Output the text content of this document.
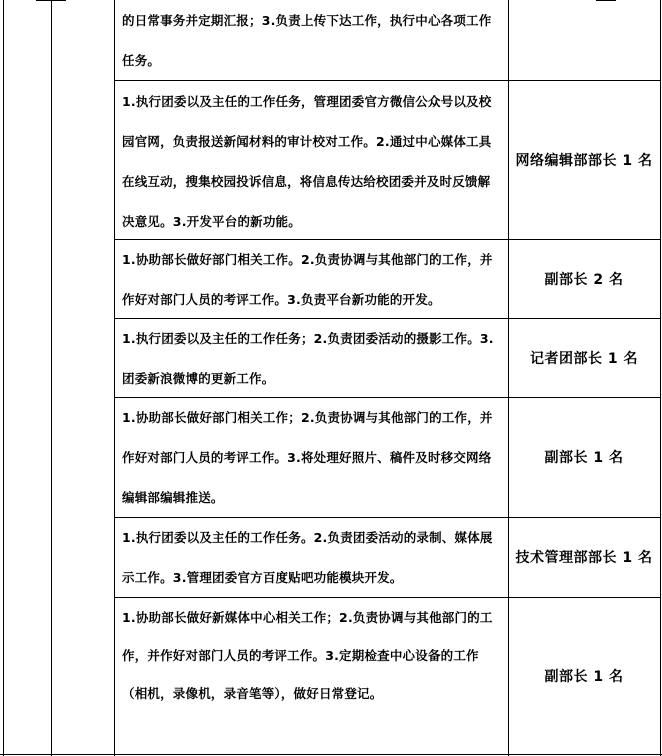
的日常事务并定期汇报；3.负责上传下达工作，执行中心各项工作任务。
1.执行团委以及主任的工作任务，管理团委官方微信公众号以及校园官网，负责报送新闻材料的审计校对工作。2.通过中心媒体工具在线互动，搜集校园投诉信息，将信息传达给校团委并及时反馈解决意见。3.开发平台的新功能。
网络编辑部部长 1 名
1.协助部长做好部门相关工作。2.负责协调与其他部门的工作，并作好对部门人员的考评工作。3.负责平台新功能的开发。
副部长 2 名
1.执行团委以及主任的工作任务；2.负责团委活动的摄影工作。3.团委新浪微博的更新工作。
记者团部长 1 名
1.协助部长做好部门相关工作；2.负责协调与其他部门的工作，并作好对部门人员的考评工作。3.将处理好照片、稿件及时移交网络编辑部编辑推送。
副部长 1 名
1.执行团委以及主任的工作任务。2.负责团委活动的录制、媒体展示工作。3.管理团委官方百度贴吧功能模块开发。
技术管理部部长 1 名
1.协助部长做好新媒体中心相关工作；2.负责协调与其他部门的工作，并作好对部门人员的考评工作。3.定期检查中心设备的工作（相机，录像机，录音笔等），做好日常登记。
副部长 1 名
